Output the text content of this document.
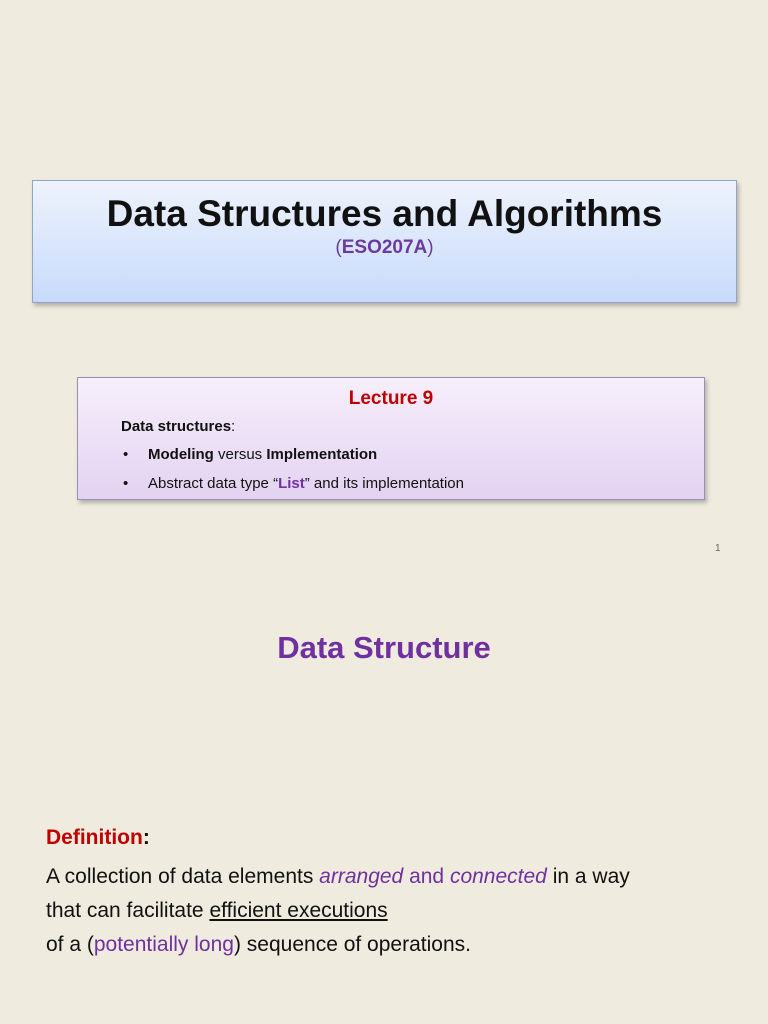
Data Structures and Algorithms
(ESO207A)
Lecture 9
Data structures:
• Modeling versus Implementation
• Abstract data type “List” and its implementation
1
Data Structure
Definition:
A collection of data elements arranged and connected in a way
that can facilitate efficient executions
of a (potentially long) sequence of operations.
